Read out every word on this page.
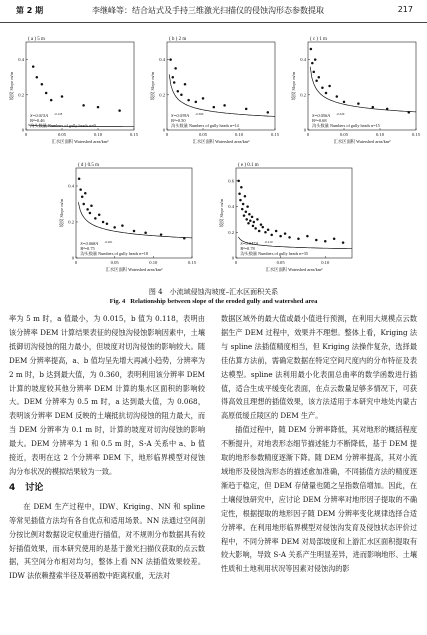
第 2 期	李继峰等：结合站式及手持三维激光扫描仪的侵蚀沟形态参数提取	217
( a ) 5 m
0.4
0.2
0
0	0.05	0.10	0.15
汇水区面积 Watershed area/km²
坡度 Slope m/m
S=0.015A -0.118
R²=0.46
沟头数量 Numbers of gully heads n=9
( b ) 2 m
0.4
0.2
0
0	0.05	0.10	0.15
汇水区面积 Watershed area/km²
坡度 Slope m/m
S=0.039A -0.360
R²=0.50
沟头数量 Numbers of gully heads n=14
( c ) 1 m
0.4
0.2
0
0	0.05	0.10	0.15
汇水区面积 Watershed area/km²
坡度 Slope m/m
S=0.056A -0.320
R²=0.68
沟头数量 Numbers of gully heads n=15
( d ) 0.5 m
0.4
0.2
0
0	0.05	0.10	0.15
汇水区面积 Watershed area/km²
坡度 Slope m/m
S=0.068A -0.261
R²=0.75
沟头数量 Numbers of gully heads n=18
( e ) 0.1 m
0.6
0.4
0.2
0
0	0.05	0.10
汇水区面积 Watershed area/km²
坡度 Slope m/m
S=0.047A -0.210
R²=0.78
沟头数量 Numbers of gully heads n=35
图 4　小流域侵蚀沟坡度–汇水区面积关系
Fig. 4 Relationship between slope of the eroded gully and watershed area

率为 5 m 时，a 值最小，为 0.015，b 值为 0.118，表明由该分辨率 DEM 计算结果表征的侵蚀沟侵蚀影响因素中，土壤抵御切沟侵蚀的阻力最小，但坡度对切沟侵蚀的影响较大。随 DEM 分辨率提高，a、b 值均呈先增大再减小趋势，分辨率为 2 m 时，b 达到最大值，为 0.360，表明利用该分辨率 DEM 计算的坡度较其他分辨率 DEM 计算的集水区面积的影响较大。DEM 分辨率为 0.5 m 时，a 达到最大值，为 0.068，表明该分辨率 DEM 反映的土壤抵抗切沟侵蚀的阻力最大，而当 DEM 分辨率为 0.1 m 时，计算的坡度对切沟侵蚀的影响最大。DEM 分辨率为 1 和 0.5 m 时，S-A 关系中 a、b 值接近，表明在这 2 个分辨率 DEM 下，地形临界模型对侵蚀沟分布状况的模拟结果较为一致。

4 讨论

在 DEM 生产过程中，IDW、Kriging、NN 和 spline 等常见插值方法均有各自优点和适用场景。NN 法通过空间剖分按比例对数据设定权重进行插值，对不规则分布数据具有较好插值效果，而本研究使用的是基于激光扫描仪获取的点云数据，其空间分布相对均匀，整体上看 NN 法插值效果较差。IDW 法依赖搜索半径及幂函数中距离权重，无法对

数据区域外的最大值或最小值进行预测，在利用大规模点云数据生产 DEM 过程中，效果并不理想。整体上看，Kriging 法与 spline 法插值精度相当，但 Kriging 法操作复杂，选择最佳估算方法前，需确定数据在特定空间尺度内的分布特征及表达模型。spline 法利用最小化表面总曲率的数学函数进行插值，适合生成平缓变化表面，在点云数量足够多情况下，可获得高效且理想的插值效果，该方法适用于本研究中地处内蒙古高原低缓丘陵区的 DEM 生产。

插值过程中，随 DEM 分辨率降低，其对地形的概括程度不断提升，对地表形态细节描述能力不断降低，基于 DEM 提取的地形参数精度逐渐下降。随 DEM 分辨率提高，其对小流域地形及侵蚀沟形态的描述愈加准确，不同插值方法的精度逐渐趋于稳定，但 DEM 存储量也随之呈指数倍增加。因此，在土壤侵蚀研究中，应讨论 DEM 分辨率对地形因子提取的不确定性，根据提取的地形因子随 DEM 分辨率变化规律选择合适分辨率。在利用地形临界模型对侵蚀沟发育及侵蚀状态评价过程中，不同分辨率 DEM 对局部坡度和上游汇水区面积提取有较大影响，导致 S-A 关系产生明显差异，进而影响地形、土壤性质和土地利用状况等因素对侵蚀沟的影
